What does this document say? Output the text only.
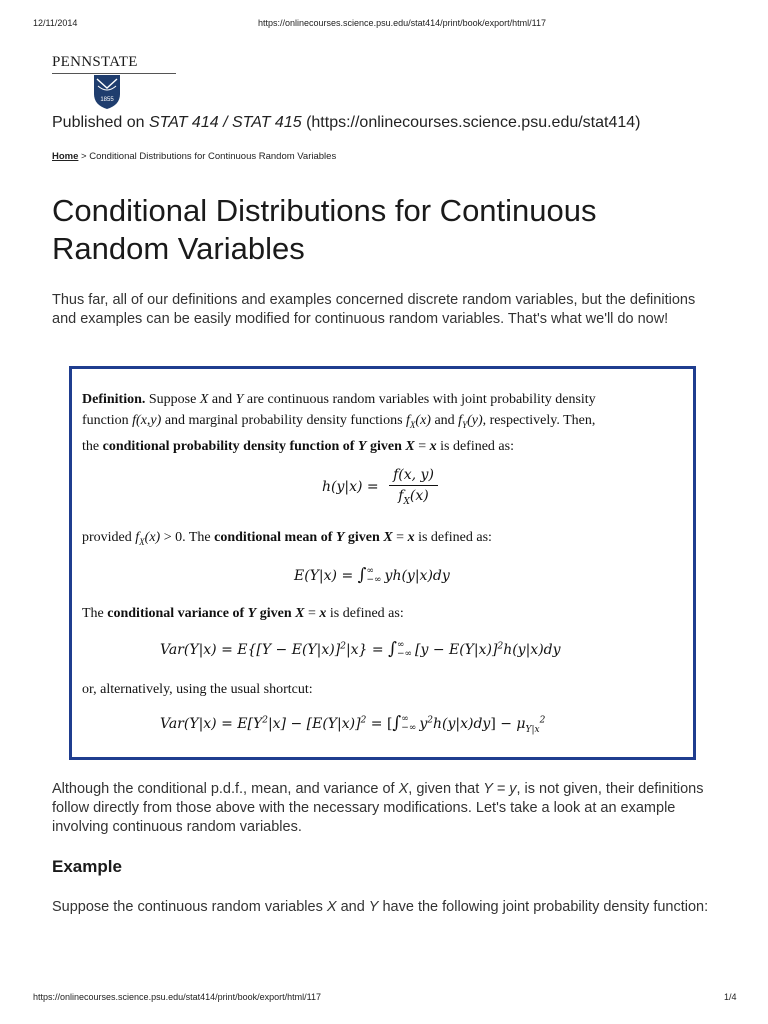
12/11/2014	https://onlinecourses.science.psu.edu/stat414/print/book/export/html/117
PENNSTATE
1855
Published on STAT 414 / STAT 415 (https://onlinecourses.science.psu.edu/stat414)
Home > Conditional Distributions for Continuous Random Variables
Conditional Distributions for Continuous
Random Variables

Thus far, all of our definitions and examples concerned discrete random variables, but the definitions and examples can be easily modified for continuous random variables. That's what we'll do now!

Definition. Suppose X and Y are continuous random variables with joint probability density
function f(x,y) and marginal probability density functions $f_X(x)$ and $f_Y(y)$, respectively. Then,
the conditional probability density function of Y given X = x is defined as:
$h(y|x) = \frac{f(x, y)}{f_X(x)}$
provided $f_X(x) > 0$. The conditional mean of Y given X = x is defined as:
E(Y|x) = ∫ ∞
−∞ yh(y|x)dy
The conditional variance of Y given X = x is defined as:
$Var(Y|x) = E\{[Y - E(Y|x)]^2|x\}$ = ∫ ∞
−∞ $[y - E(Y|x)]^2h(y|x)dy$
or, alternatively, using the usual shortcut:
$Var(Y|x) = E[Y^2|x] - [E(Y|x)]^2$ = [∫ ∞
−∞ $y^2h(y|x)dy] - \mu_{Y|x}^2$

Although the conditional p.d.f., mean, and variance of X, given that Y = y, is not given, their definitions follow directly from those above with the necessary modifications. Let's take a look at an example involving continuous random variables.

Example

Suppose the continuous random variables X and Y have the following joint probability density function:

https://onlinecourses.science.psu.edu/stat414/print/book/export/html/117	1/4
